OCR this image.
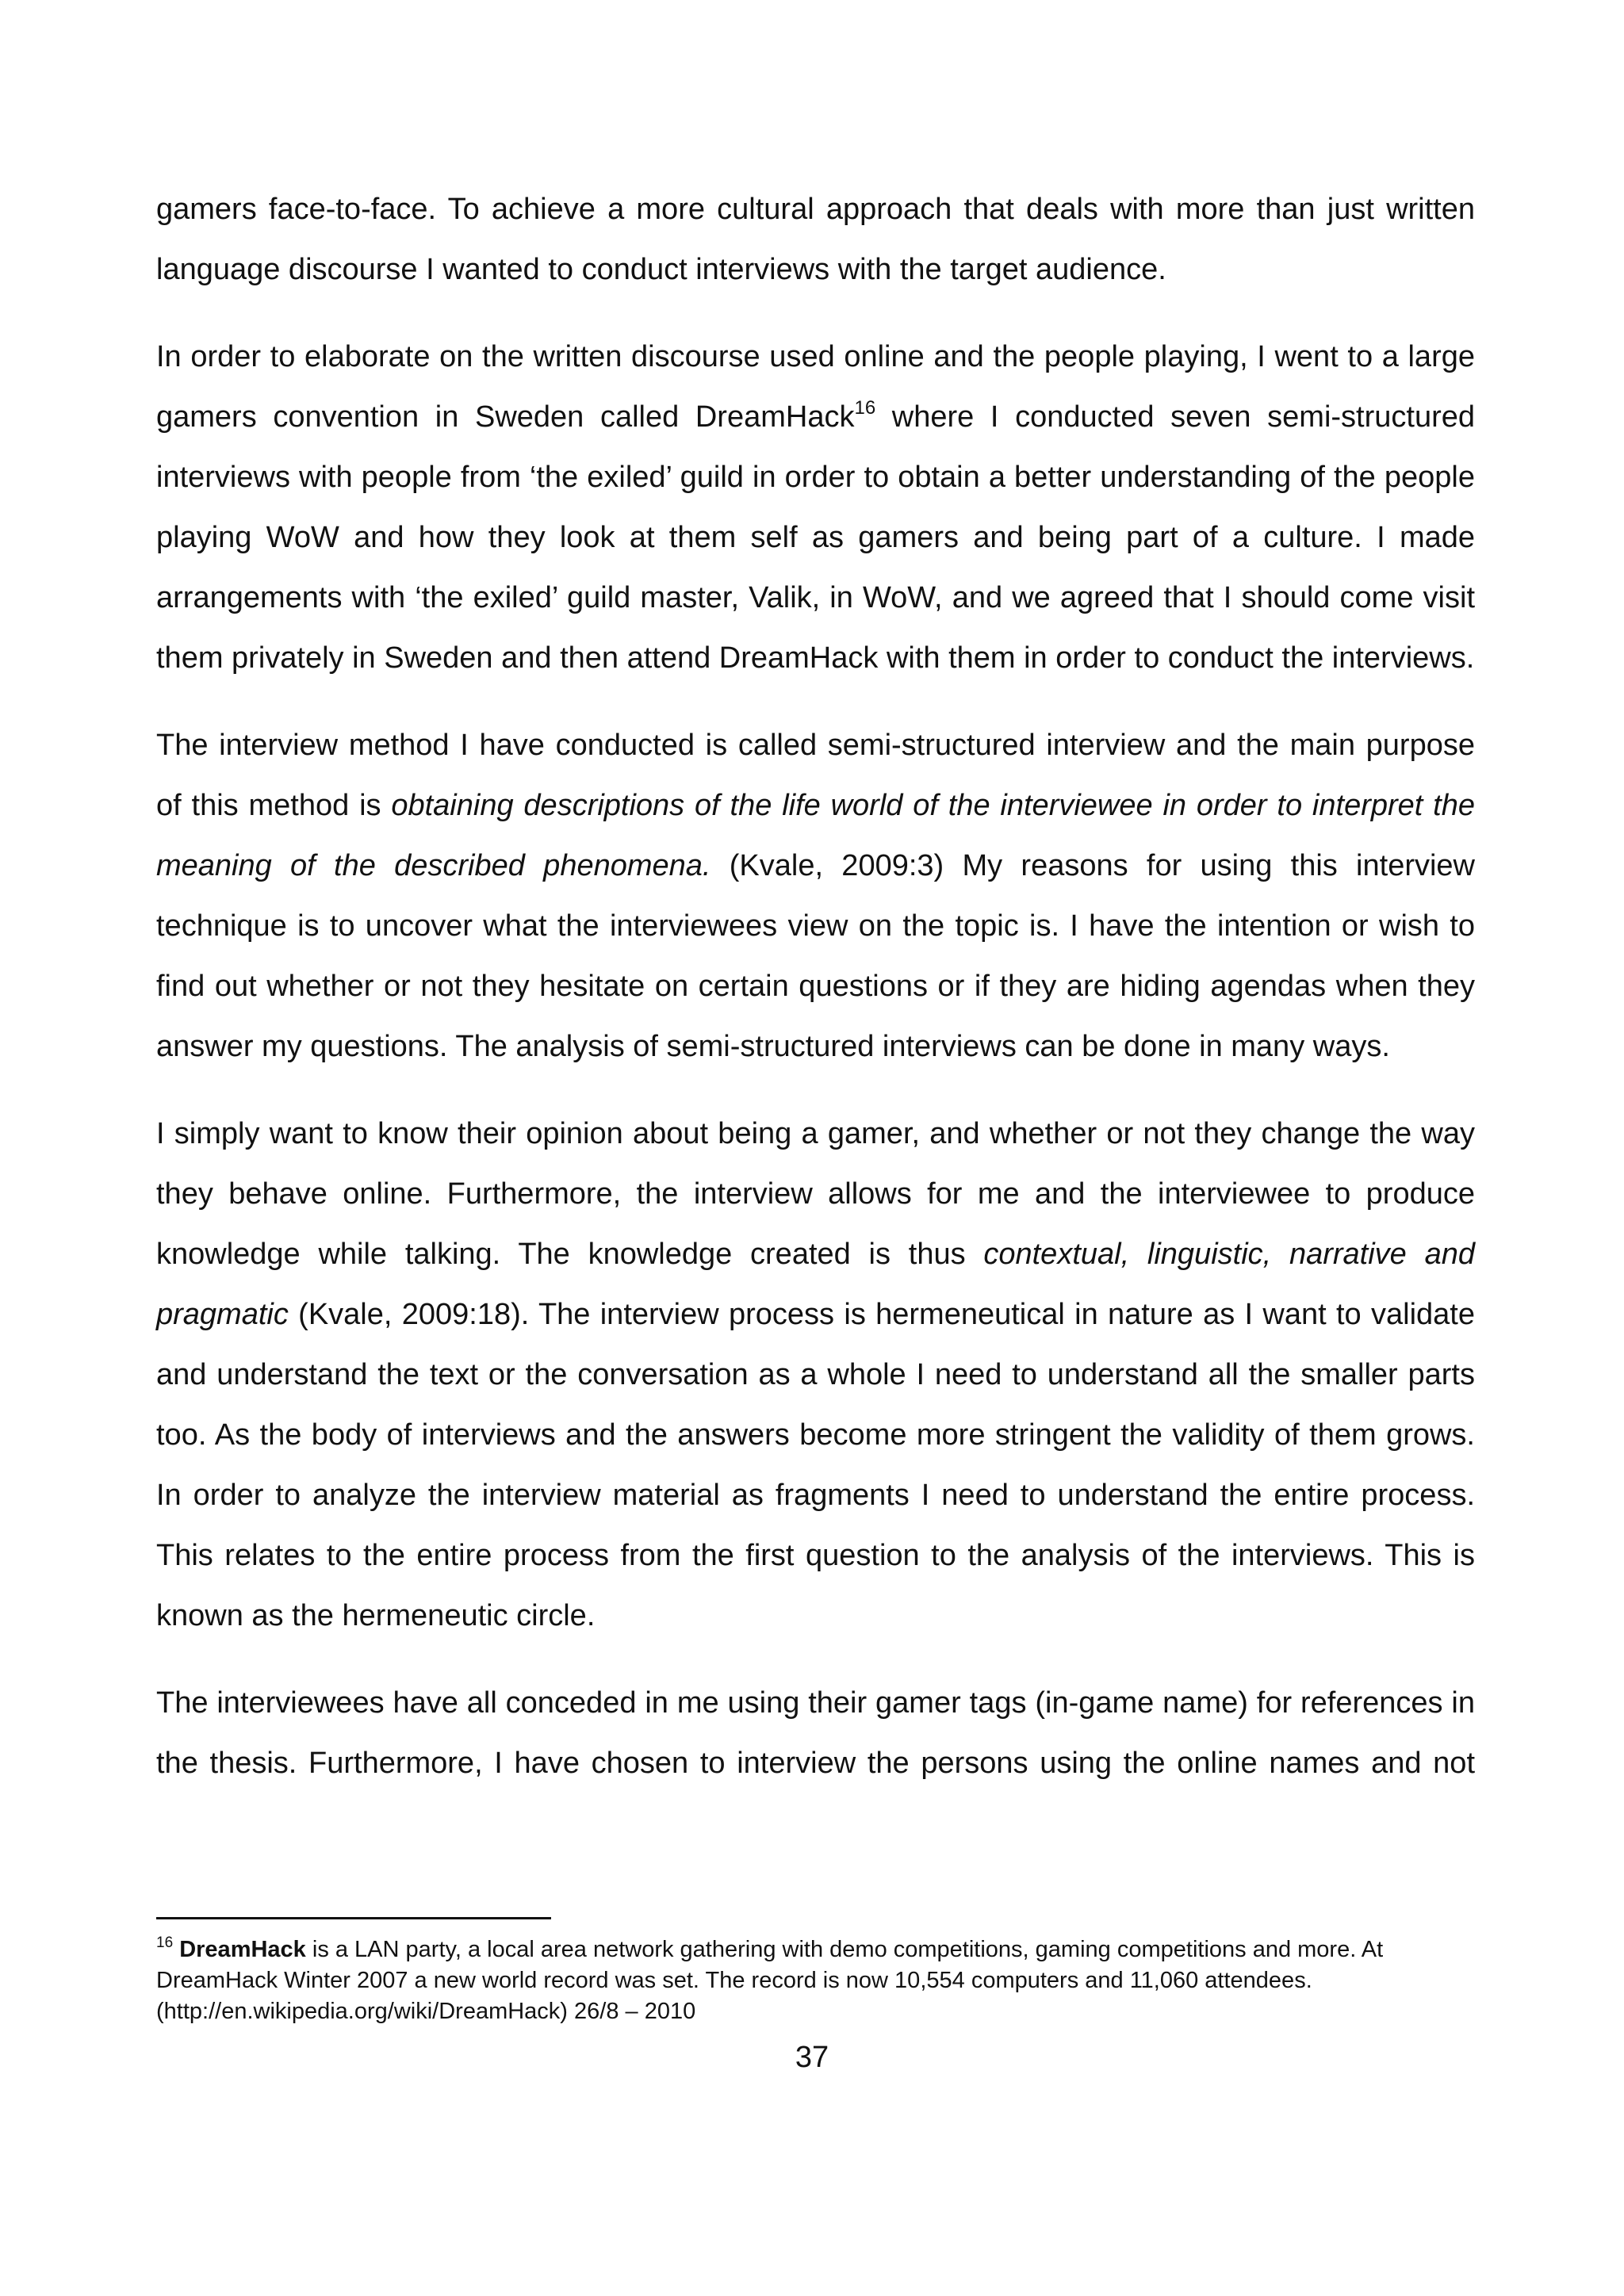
gamers face-to-face. To achieve a more cultural approach that deals with more than just written language discourse I wanted to conduct interviews with the target audience.

In order to elaborate on the written discourse used online and the people playing, I went to a large gamers convention in Sweden called DreamHack$^{16}$ where I conducted seven semi-structured interviews with people from ‘the exiled’ guild in order to obtain a better understanding of the people playing WoW and how they look at them self as gamers and being part of a culture. I made arrangements with ‘the exiled’ guild master, Valik, in WoW, and we agreed that I should come visit them privately in Sweden and then attend DreamHack with them in order to conduct the interviews.

The interview method I have conducted is called semi-structured interview and the main purpose of this method is obtaining descriptions of the life world of the interviewee in order to interpret the meaning of the described phenomena. (Kvale, 2009:3) My reasons for using this interview technique is to uncover what the interviewees view on the topic is. I have the intention or wish to find out whether or not they hesitate on certain questions or if they are hiding agendas when they answer my questions. The analysis of semi-structured interviews can be done in many ways.

I simply want to know their opinion about being a gamer, and whether or not they change the way they behave online. Furthermore, the interview allows for me and the interviewee to produce knowledge while talking. The knowledge created is thus contextual, linguistic, narrative and pragmatic (Kvale, 2009:18). The interview process is hermeneutical in nature as I want to validate and understand the text or the conversation as a whole I need to understand all the smaller parts too. As the body of interviews and the answers become more stringent the validity of them grows. In order to analyze the interview material as fragments I need to understand the entire process. This relates to the entire process from the first question to the analysis of the interviews. This is known as the hermeneutic circle.

The interviewees have all conceded in me using their gamer tags (in-game name) for references in the thesis. Furthermore, I have chosen to interview the persons using the online names and not

$^{16}$ DreamHack is a LAN party, a local area network gathering with demo competitions, gaming competitions and more. At DreamHack Winter 2007 a new world record was set. The record is now 10,554 computers and 11,060 attendees. (http://en.wikipedia.org/wiki/DreamHack) 26/8 – 2010
37
